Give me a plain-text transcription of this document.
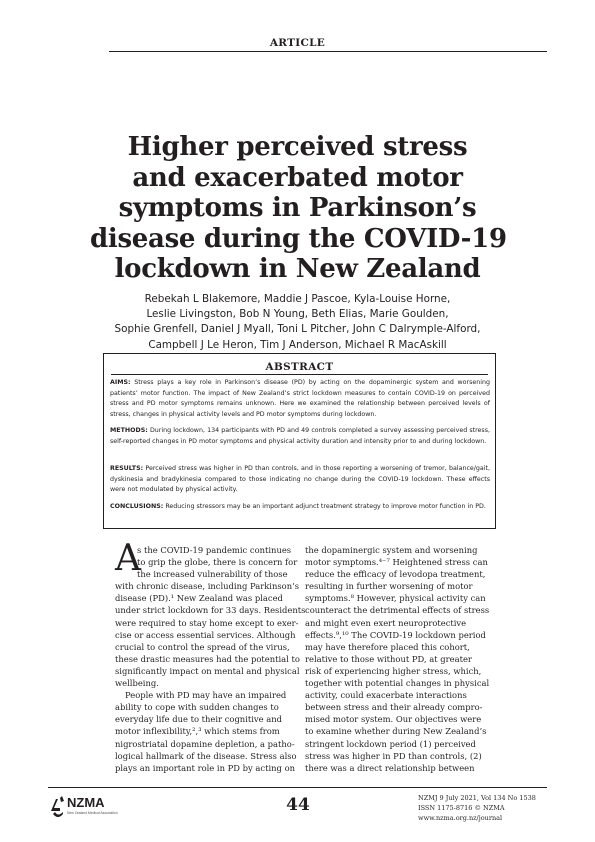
ARTICLE
Higher perceived stress
and exacerbated motor
symptoms in Parkinson’s
disease during the COVID-19
lockdown in New Zealand
Rebekah L Blakemore, Maddie J Pascoe, Kyla-Louise Horne,
Leslie Livingston, Bob N Young, Beth Elias, Marie Goulden,
Sophie Grenfell, Daniel J Myall, Toni L Pitcher, John C Dalrymple-Alford,
Campbell J Le Heron, Tim J Anderson, Michael R MacAskill
ABSTRACT
AIMS: Stress plays a key role in Parkinson’s disease (PD) by acting on the dopaminergic system and worsening patients’ motor function. The impact of New Zealand’s strict lockdown measures to contain COVID-19 on perceived stress and PD motor symptoms remains unknown. Here we examined the relationship between perceived levels of stress, changes in physical activity levels and PD motor symptoms during lockdown.
METHODS: During lockdown, 134 participants with PD and 49 controls completed a survey assessing perceived stress, self-reported changes in PD motor symptoms and physical activity duration and intensity prior to and during lockdown.
RESULTS: Perceived stress was higher in PD than controls, and in those reporting a worsening of tremor, balance/gait, dyskinesia and bradykinesia compared to those indicating no change during the COVID-19 lockdown. These effects were not modulated by physical activity.
CONCLUSIONS: Reducing stressors may be an important adjunct treatment strategy to improve motor function in PD.
A
s the COVID-19 pandemic continues
to grip the globe, there is concern for
the increased vulnerability of those
with chronic disease, including Parkinson’s
disease (PD).¹ New Zealand was placed
under strict lockdown for 33 days. Residents
were required to stay home except to exer-
cise or access essential services. Although
crucial to control the spread of the virus,
these drastic measures had the potential to
significantly impact on mental and physical
wellbeing.
People with PD may have an impaired
ability to cope with sudden changes to
everyday life due to their cognitive and
motor inflexibility,²,³ which stems from
nigrostriatal dopamine depletion, a patho-
logical hallmark of the disease. Stress also
plays an important role in PD by acting on
the dopaminergic system and worsening
motor symptoms.⁴⁻⁷ Heightened stress can
reduce the efficacy of levodopa treatment,
resulting in further worsening of motor
symptoms.⁸ However, physical activity can
counteract the detrimental effects of stress
and might even exert neuroprotective
effects.⁹,¹⁰ The COVID-19 lockdown period
may have therefore placed this cohort,
relative to those without PD, at greater
risk of experiencing higher stress, which,
together with potential changes in physical
activity, could exacerbate interactions
between stress and their already compro-
mised motor system. Our objectives were
to examine whether during New Zealand’s
stringent lockdown period (1) perceived
stress was higher in PD than controls, (2)
there was a direct relationship between
NZMA
New Zealand Medical Association	44	NZMJ 9 July 2021, Vol 134 No 1538
ISSN 1175-8716 © NZMA
www.nzma.org.nz/journal
